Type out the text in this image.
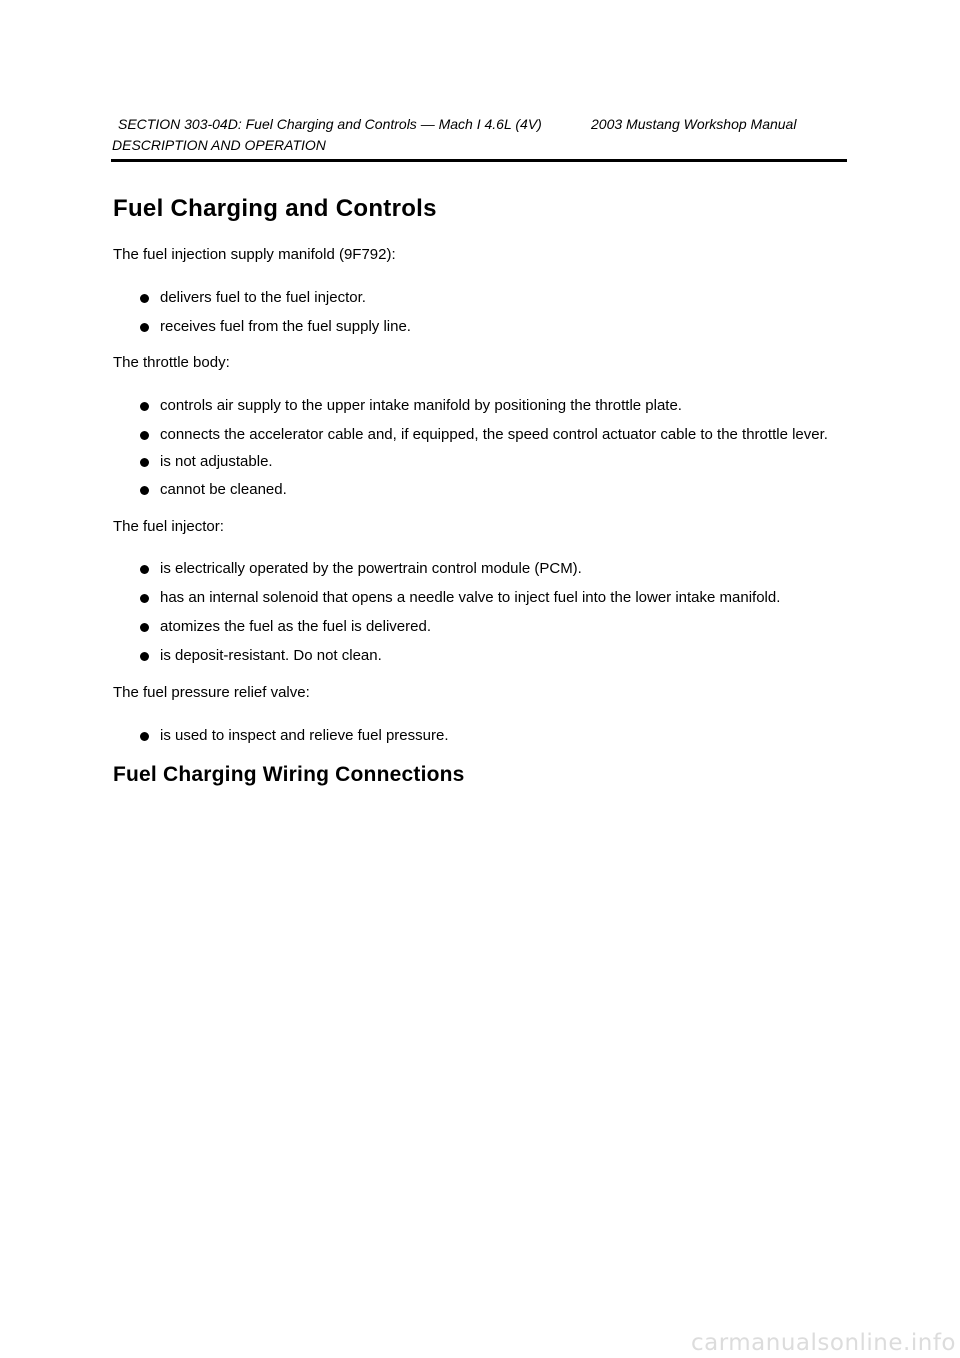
SECTION 303-04D: Fuel Charging and Controls — Mach I 4.6L (4V)	2003 Mustang Workshop Manual
DESCRIPTION AND OPERATION
Fuel Charging and Controls

The fuel injection supply manifold (9F792):

delivers fuel to the fuel injector.
receives fuel from the fuel supply line.

The throttle body:

controls air supply to the upper intake manifold by positioning the throttle plate.
connects the accelerator cable and, if equipped, the speed control actuator cable to the throttle lever.
is not adjustable.
cannot be cleaned.

The fuel injector:

is electrically operated by the powertrain control module (PCM).
has an internal solenoid that opens a needle valve to inject fuel into the lower intake manifold.
atomizes the fuel as the fuel is delivered.
is deposit-resistant. Do not clean.

The fuel pressure relief valve:

is used to inspect and relieve fuel pressure.
Fuel Charging Wiring Connections
carmanualsonline.info
